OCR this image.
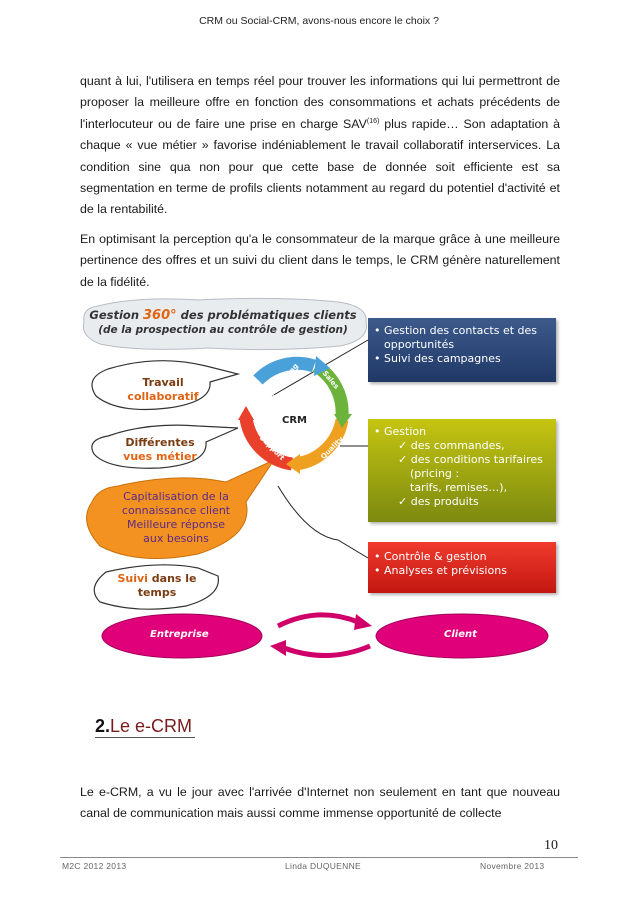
CRM ou Social-CRM, avons-nous encore le choix ?

quant à lui, l'utilisera en temps réel pour trouver les informations qui lui permettront de proposer la meilleure offre en fonction des consommations et achats précédents de l'interlocuteur ou de faire une prise en charge SAV$^{(16)}$ plus rapide… Son adaptation à chaque « vue métier » favorise indéniablement le travail collaboratif interservices. La condition sine qua non pour que cette base de donnée soit efficiente est sa segmentation en terme de profils clients notamment au regard du potentiel d'activité et de la rentabilité.

En optimisant la perception qu'a le consommateur de la marque grâce à une meilleure pertinence des offres et un suivi du client dans le temps, le CRM génère naturellement de la fidélité.

Gestion 360° des problématiques clients
(de la prospection au contrôle de gestion)
CRM
Marketing	Sales
Quality
Support
Travail
collaboratif
Différentes
vues métier
Capitalisation de la
connaissance client
Meilleure réponse
aux besoins
Suivi dans le
temps
• Gestion des contacts et des opportunités
• Suivi des campagnes
• Gestion
✓ des commandes,
✓ des conditions tarifaires (pricing :
tarifs, remises…),
✓ des produits
• Contrôle & gestion
• Analyses et prévisions
Entreprise	Client
2.Le e-CRM

Le e-CRM, a vu le jour avec l'arrivée d'Internet non seulement en tant que nouveau canal de communication mais aussi comme immense opportunité de collecte

10
M2C 2012 2013	Linda DUQUENNE	Novembre 2013
